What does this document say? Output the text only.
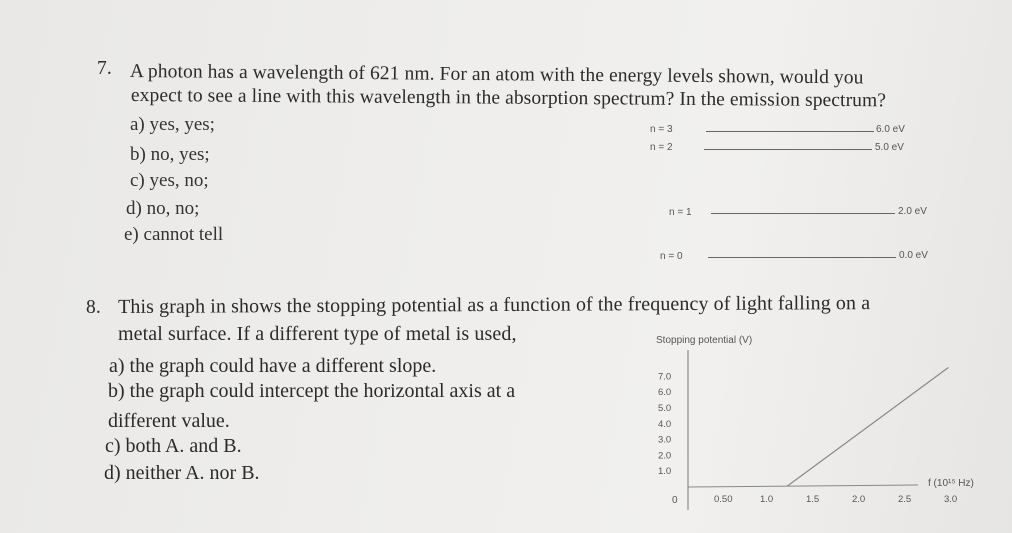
7. A photon has a wavelength of 621 nm. For an atom with the energy levels shown, would you
expect to see a line with this wavelength in the absorption spectrum? In the emission spectrum?
a) yes, yes;
b) no, yes;
c) yes, no;
d) no, no;
e) cannot tell
n = 3	6.0 eV
n = 2	5.0 eV
n = 1	2.0 eV
n = 0	0.0 eV
8. This graph in shows the stopping potential as a function of the frequency of light falling on a
metal surface. If a different type of metal is used,
a) the graph could have a different slope.
b) the graph could intercept the horizontal axis at a
different value.
c) both A. and B.
d) neither A. nor B.
Stopping potential (V)
0
f (10¹⁵ Hz)
7.0
6.0
5.0
4.0
3.0
2.0
1.0
0.50	1.0	1.5	2.0	2.5	3.0
